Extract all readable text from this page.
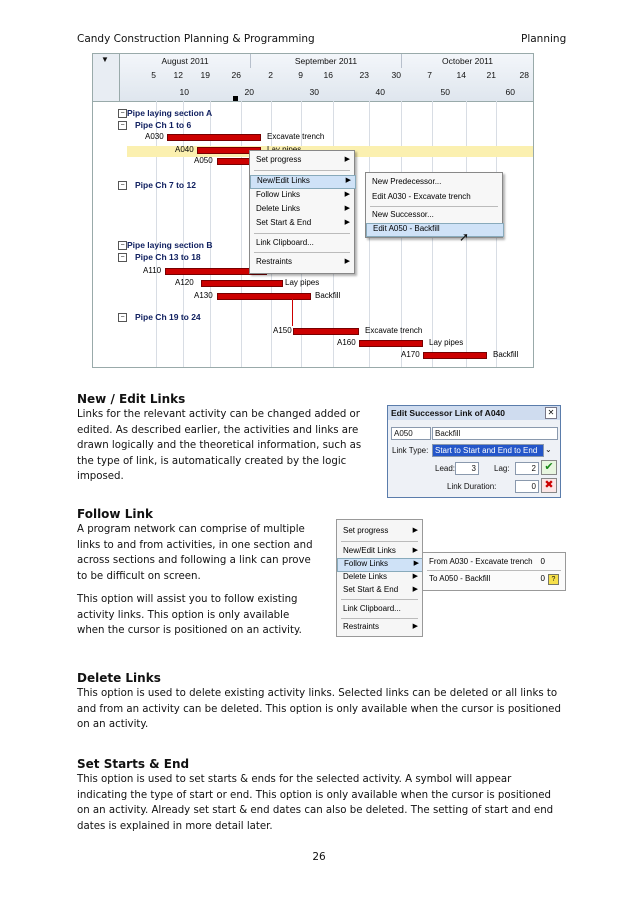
Candy Construction Planning & Programming	Planning
▼	August 2011	September 2011	October 2011
5	12	19	26	2	9	16	23	30	7	14	21	28
10	20	30	40	50	60
− Pipe laying section A
− Pipe Ch 1 to 6
− Pipe Ch 7 to 12
− Pipe laying section B
− Pipe Ch 13 to 18
− Pipe Ch 19 to 24
A030	Excavate trench
A040
A050
A110
A120	Lay pipes
A130	Backfill
A150	Excavate trench
A160	Lay pipes
A170	Backfill
Set progress	▶
New/Edit Links	▶
Follow Links	▶
Delete Links	▶
Set Start & End	▶
Link Clipboard...
Restraints	▶
New Predecessor...
Edit A030 - Excavate trench
New Successor...
Edit A050 - Backfill
➚
New / Edit Links

Links for the relevant activity can be changed added or edited. As described earlier, the activities and links are drawn logically and the theoretical information, such as the type of link, is automatically created by the logic imposed.

Edit Successor Link of A040	✕
A050	Backfill
Link Type: Start to Start and End to End ⌄
Lead:	3	Lag:	2 ✔
Link Duration:	0 ✖
Follow Link

A program network can comprise of multiple links to and from activities, in one section and across sections and following a link can prove to be difficult on screen.

This option will assist you to follow existing activity links. This option is only available when the cursor is positioned on an activity.

Set progress	▶
New/Edit Links ▶
Follow Links	▶
Delete Links	▶
Set Start & End ▶
Link Clipboard...
Restraints	▶
From A030 - Excavate trench 0
To A050 - Backfill	0 ?
Delete Links

This option is used to delete existing activity links. Selected links can be deleted or all links to and from an activity can be deleted. This option is only available when the cursor is positioned on an activity.

Set Starts & End

This option is used to set starts & ends for the selected activity. A symbol will appear indicating the type of start or end. This option is only available when the cursor is positioned on an activity. Already set start & end dates can also be deleted. The setting of start and end dates is explained in more detail later.

26
